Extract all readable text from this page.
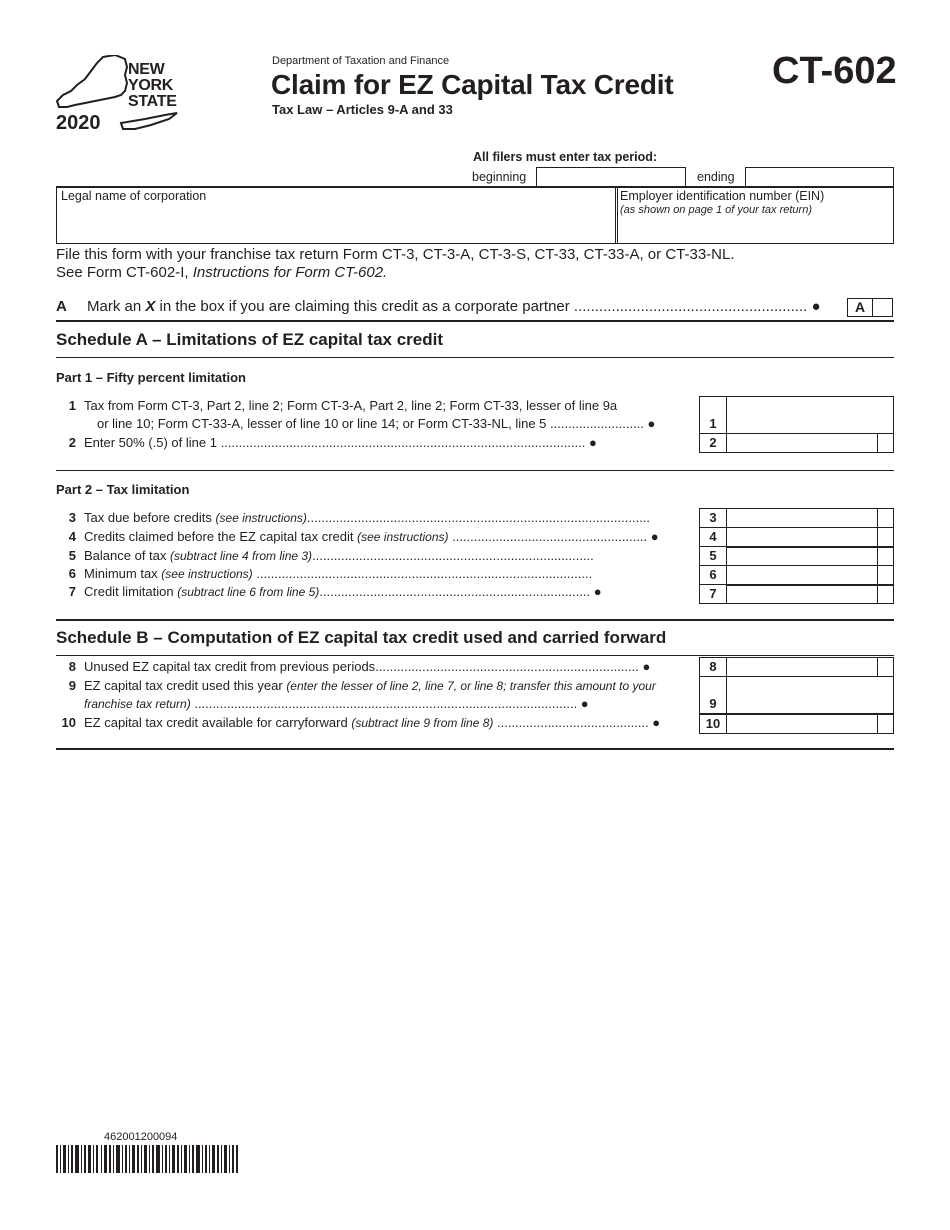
NEW
YORK
STATE
2020
Department of Taxation and Finance
Claim for EZ Capital Tax Credit
Tax Law – Articles 9-A and 33
CT-602
All filers must enter tax period:
beginning	ending
Legal name of corporation	Employer identification number (EIN)
(as shown on page 1 of your tax return)
File this form with your franchise tax return Form CT-3, CT-3-A, CT-3-S, CT-33, CT-33-A, or CT-33-NL.
See Form CT-602-I, Instructions for Form CT-602.
A Mark an X in the box if you are claiming this credit as a corporate partner ........................................................ ●	A
Schedule A – Limitations of EZ capital tax credit
Part 1 – Fifty percent limitation
1 Tax from Form CT-3, Part 2, line 2; Form CT-3-A, Part 2, line 2; Form CT-33, lesser of line 9a
or line 10; Form CT-33-A, lesser of line 10 or line 14; or Form CT-33-NL, line 5 .......................... ●	1
2 Enter 50% (.5) of line 1 ..................................................................................................... ●	2
Part 2 – Tax limitation
3 Tax due before credits (see instructions)...............................................................................................	3
4 Credits claimed before the EZ capital tax credit (see instructions) ...................................................... ●	4
5 Balance of tax (subtract line 4 from line 3)..............................................................................	5
6 Minimum tax (see instructions) .............................................................................................	6
7 Credit limitation (subtract line 6 from line 5)........................................................................... ●	7
Schedule B – Computation of EZ capital tax credit used and carried forward
8 Unused EZ capital tax credit from previous periods......................................................................... ●	8
9 EZ capital tax credit used this year (enter the lesser of line 2, line 7, or line 8; transfer this amount to your
franchise tax return) .......................................................................................................... ●	9
10 EZ capital tax credit available for carryforward (subtract line 9 from line 8) .......................................... ●	10
462001200094
